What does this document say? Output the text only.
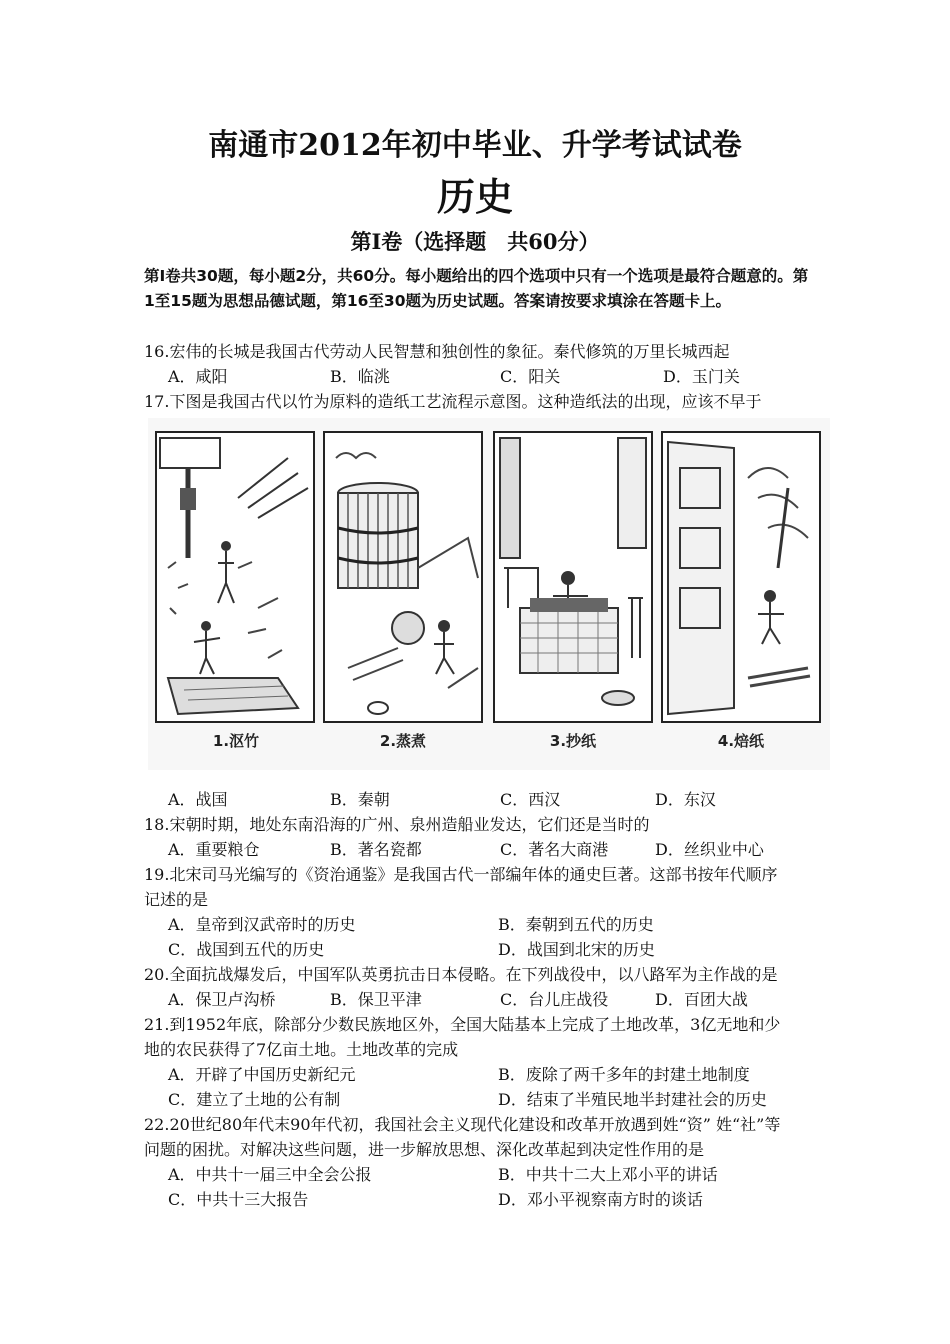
南通市2012年初中毕业、升学考试试卷
历史
第Ⅰ卷（选择题　共60分）
第Ⅰ卷共30题，每小题2分，共60分。每小题给出的四个选项中只有一个选项是最符合题意的。第1至15题为思想品德试题，第16至30题为历史试题。答案请按要求填涂在答题卡上。
16.宏伟的长城是我国古代劳动人民智慧和独创性的象征。秦代修筑的万里长城西起
A．咸阳	B．临洮	C．阳关	D．玉门关
17.下图是我国古代以竹为原料的造纸工艺流程示意图。这种造纸法的出现，应该不早于
1.沤竹	2.蒸煮	3.抄纸	4.焙纸
A．战国	B．秦朝	C．西汉	D．东汉
18.宋朝时期，地处东南沿海的广州、泉州造船业发达，它们还是当时的
A．重要粮仓	B．著名瓷都	C．著名大商港	D．丝织业中心
19.北宋司马光编写的《资治通鉴》是我国古代一部编年体的通史巨著。这部书按年代顺序
记述的是
A．皇帝到汉武帝时的历史	B．秦朝到五代的历史
C．战国到五代的历史	D．战国到北宋的历史
20.全面抗战爆发后，中国军队英勇抗击日本侵略。在下列战役中，以八路军为主作战的是
A．保卫卢沟桥	B．保卫平津	C．台儿庄战役	D．百团大战
21.到1952年底，除部分少数民族地区外，全国大陆基本上完成了土地改革，3亿无地和少
地的农民获得了7亿亩土地。土地改革的完成
A．开辟了中国历史新纪元	B．废除了两千多年的封建土地制度
C．建立了土地的公有制	D．结束了半殖民地半封建社会的历史
22.20世纪80年代末90年代初，我国社会主义现代化建设和改革开放遇到姓“资” 姓“社”等
问题的困扰。对解决这些问题，进一步解放思想、深化改革起到决定性作用的是
A．中共十一届三中全会公报	B．中共十二大上邓小平的讲话
C．中共十三大报告	D．邓小平视察南方时的谈话
